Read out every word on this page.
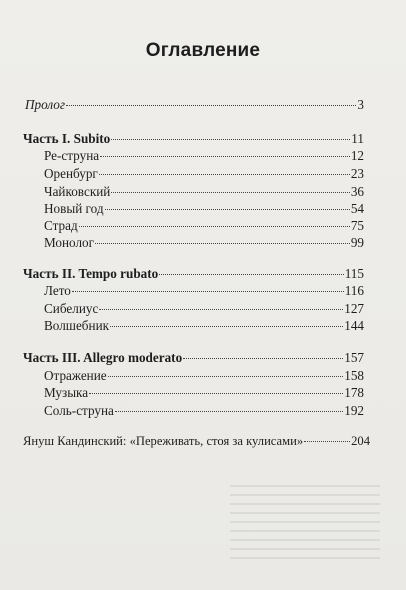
Оглавление
Пролог	3
Часть I. Subito	11
Ре-струна	12
Оренбург	23
Чайковский	36
Новый год	54
Страд	75
Монолог	99
Часть II. Tempo rubato	115
Лето	116
Сибелиус	127
Волшебник	144
Часть III. Allegro moderato	157
Отражение	158
Музыка	178
Соль-струна	192
Януш Кандинский: «Переживать, стоя за кулисами»	204
